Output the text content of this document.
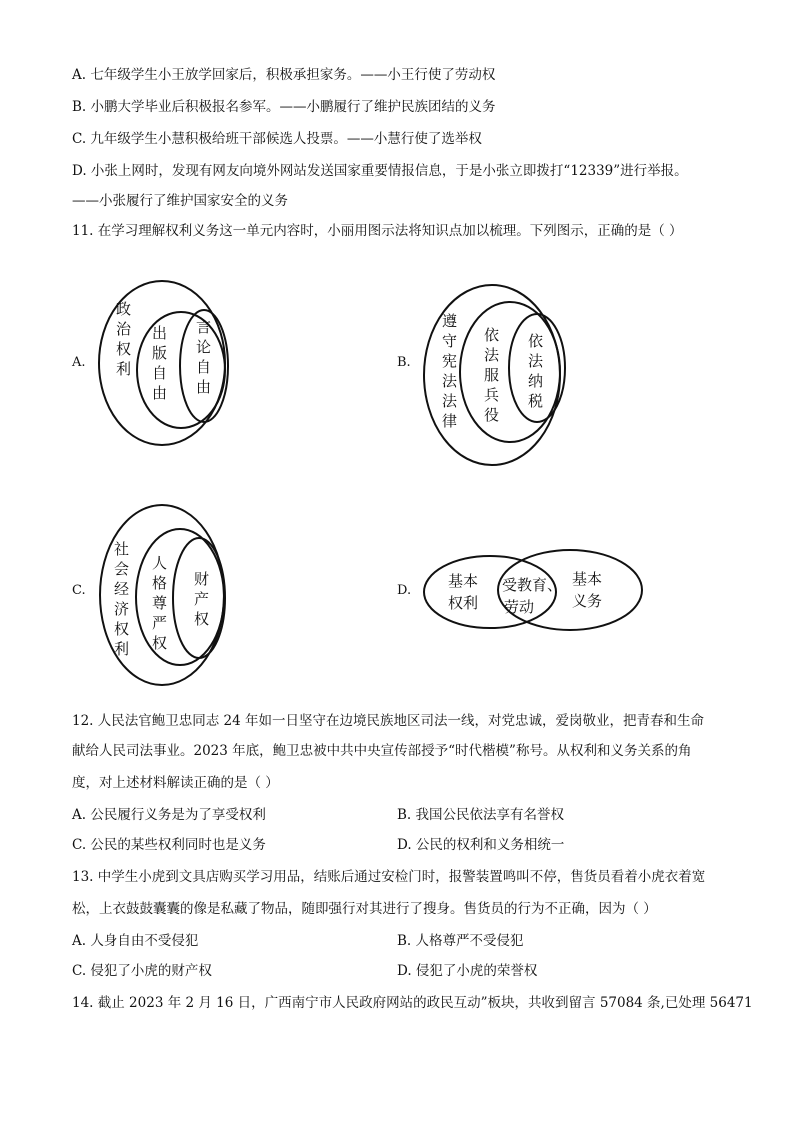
A. 七年级学生小王放学回家后，积极承担家务。——小王行使了劳动权
B. 小鹏大学毕业后积极报名参军。——小鹏履行了维护民族团结的义务
C. 九年级学生小慧积极给班干部候选人投票。——小慧行使了选举权
D. 小张上网时，发现有网友向境外网站发送国家重要情报信息，于是小张立即拨打“12339”进行举报。
——小张履行了维护国家安全的义务
11. 在学习理解权利义务这一单元内容时，小丽用图示法将知识点加以梳理。下列图示，正确的是（ ）
A.	B.
C.	D.
政
治
权
利
出
版
自
由
言
论
自
由
遵
守
宪
法
法
律
依
法
服
兵
役
依
法
纳
税
社
会
经
济
权
利
人
格
尊
严
权
财
产
权
基本
权利
受教育、
劳动
基本
义务
12. 人民法官鲍卫忠同志 24 年如一日坚守在边境民族地区司法一线，对党忠诚，爱岗敬业，把青春和生命
献给人民司法事业。2023 年底，鲍卫忠被中共中央宣传部授予“时代楷模”称号。从权利和义务关系的角
度，对上述材料解读正确的是（ ）
A. 公民履行义务是为了享受权利	B. 我国公民依法享有名誉权
C. 公民的某些权利同时也是义务	D. 公民的权利和义务相统一
13. 中学生小虎到文具店购买学习用品，结账后通过安检门时，报警装置鸣叫不停，售货员看着小虎衣着宽
松，上衣鼓鼓囊囊的像是私藏了物品，随即强行对其进行了搜身。售货员的行为不正确，因为（ ）
A. 人身自由不受侵犯	B. 人格尊严不受侵犯
C. 侵犯了小虎的财产权	D. 侵犯了小虎的荣誉权
14. 截止 2023 年 2 月 16 日，广西南宁市人民政府网站的政民互动”板块，共收到留言 57084 条,已处理 56471
